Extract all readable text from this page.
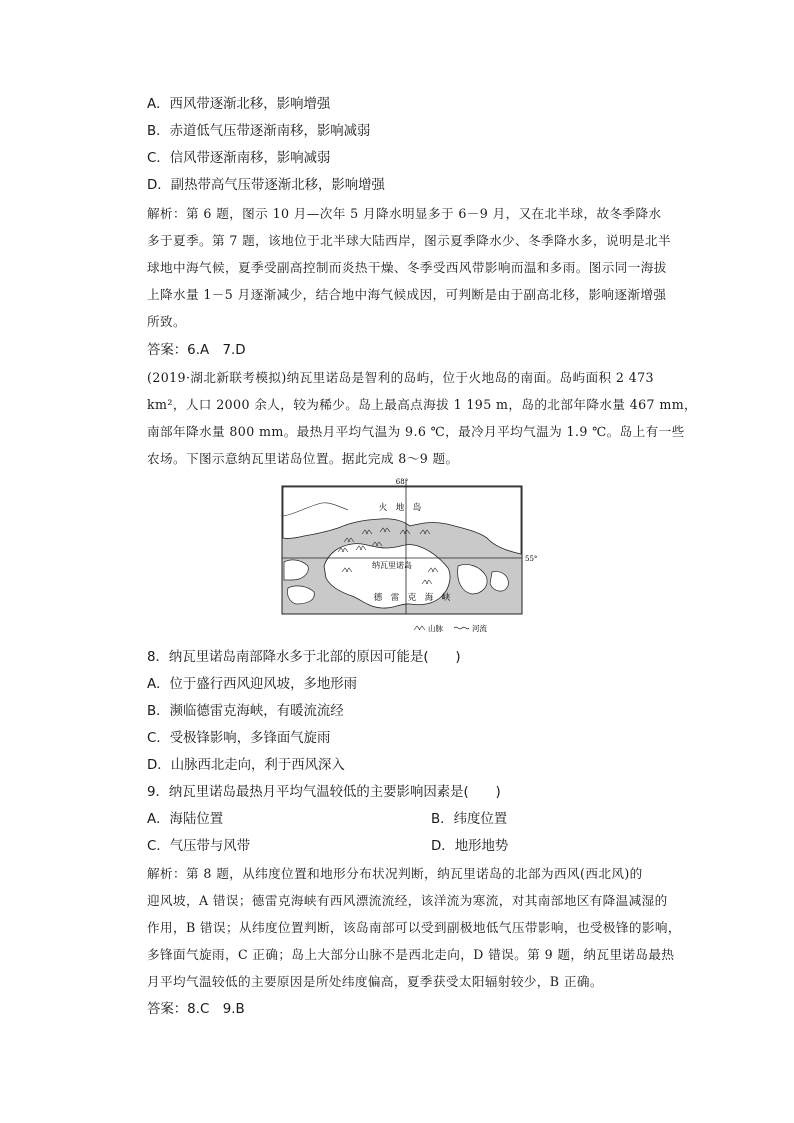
A．西风带逐渐北移，影响增强
B．赤道低气压带逐渐南移，影响减弱
C．信风带逐渐南移，影响减弱
D．副热带高气压带逐渐北移，影响增强
解析：第 6 题，图示 10 月—次年 5 月降水明显多于 6－9 月，又在北半球，故冬季降水
多于夏季。第 7 题，该地位于北半球大陆西岸，图示夏季降水少、冬季降水多，说明是北半
球地中海气候，夏季受副高控制而炎热干燥、冬季受西风带影响而温和多雨。图示同一海拔
上降水量 1－5 月逐渐减少，结合地中海气候成因，可判断是由于副高北移，影响逐渐增强
所致。
答案：6.A　7.D
(2019·湖北新联考模拟)纳瓦里诺岛是智利的岛屿，位于火地岛的南面。岛屿面积 2 473
km²，人口 2000 余人，较为稀少。岛上最高点海拔 1 195 m，岛的北部年降水量 467 mm，
南部年降水量 800 mm。最热月平均气温为 9.6 ℃，最冷月平均气温为 1.9 ℃。岛上有一些
农场。下图示意纳瓦里诺岛位置。据此完成 8～9 题。
68°
55°
火　地　岛
纳瓦里诺岛
德　雷　克　海　峡
山脉	河流
8．纳瓦里诺岛南部降水多于北部的原因可能是(　　)
A．位于盛行西风迎风坡，多地形雨
B．濒临德雷克海峡，有暖流流经
C．受极锋影响，多锋面气旋雨
D．山脉西北走向，利于西风深入
9．纳瓦里诺岛最热月平均气温较低的主要影响因素是(　　)
A．海陆位置	B．纬度位置
C．气压带与风带	D．地形地势
解析：第 8 题，从纬度位置和地形分布状况判断，纳瓦里诺岛的北部为西风(西北风)的
迎风坡，A 错误；德雷克海峡有西风漂流流经，该洋流为寒流，对其南部地区有降温减湿的
作用，B 错误；从纬度位置判断，该岛南部可以受到副极地低气压带影响，也受极锋的影响，
多锋面气旋雨，C 正确；岛上大部分山脉不是西北走向，D 错误。第 9 题，纳瓦里诺岛最热
月平均气温较低的主要原因是所处纬度偏高，夏季获受太阳辐射较少，B 正确。
答案：8.C　9.B
